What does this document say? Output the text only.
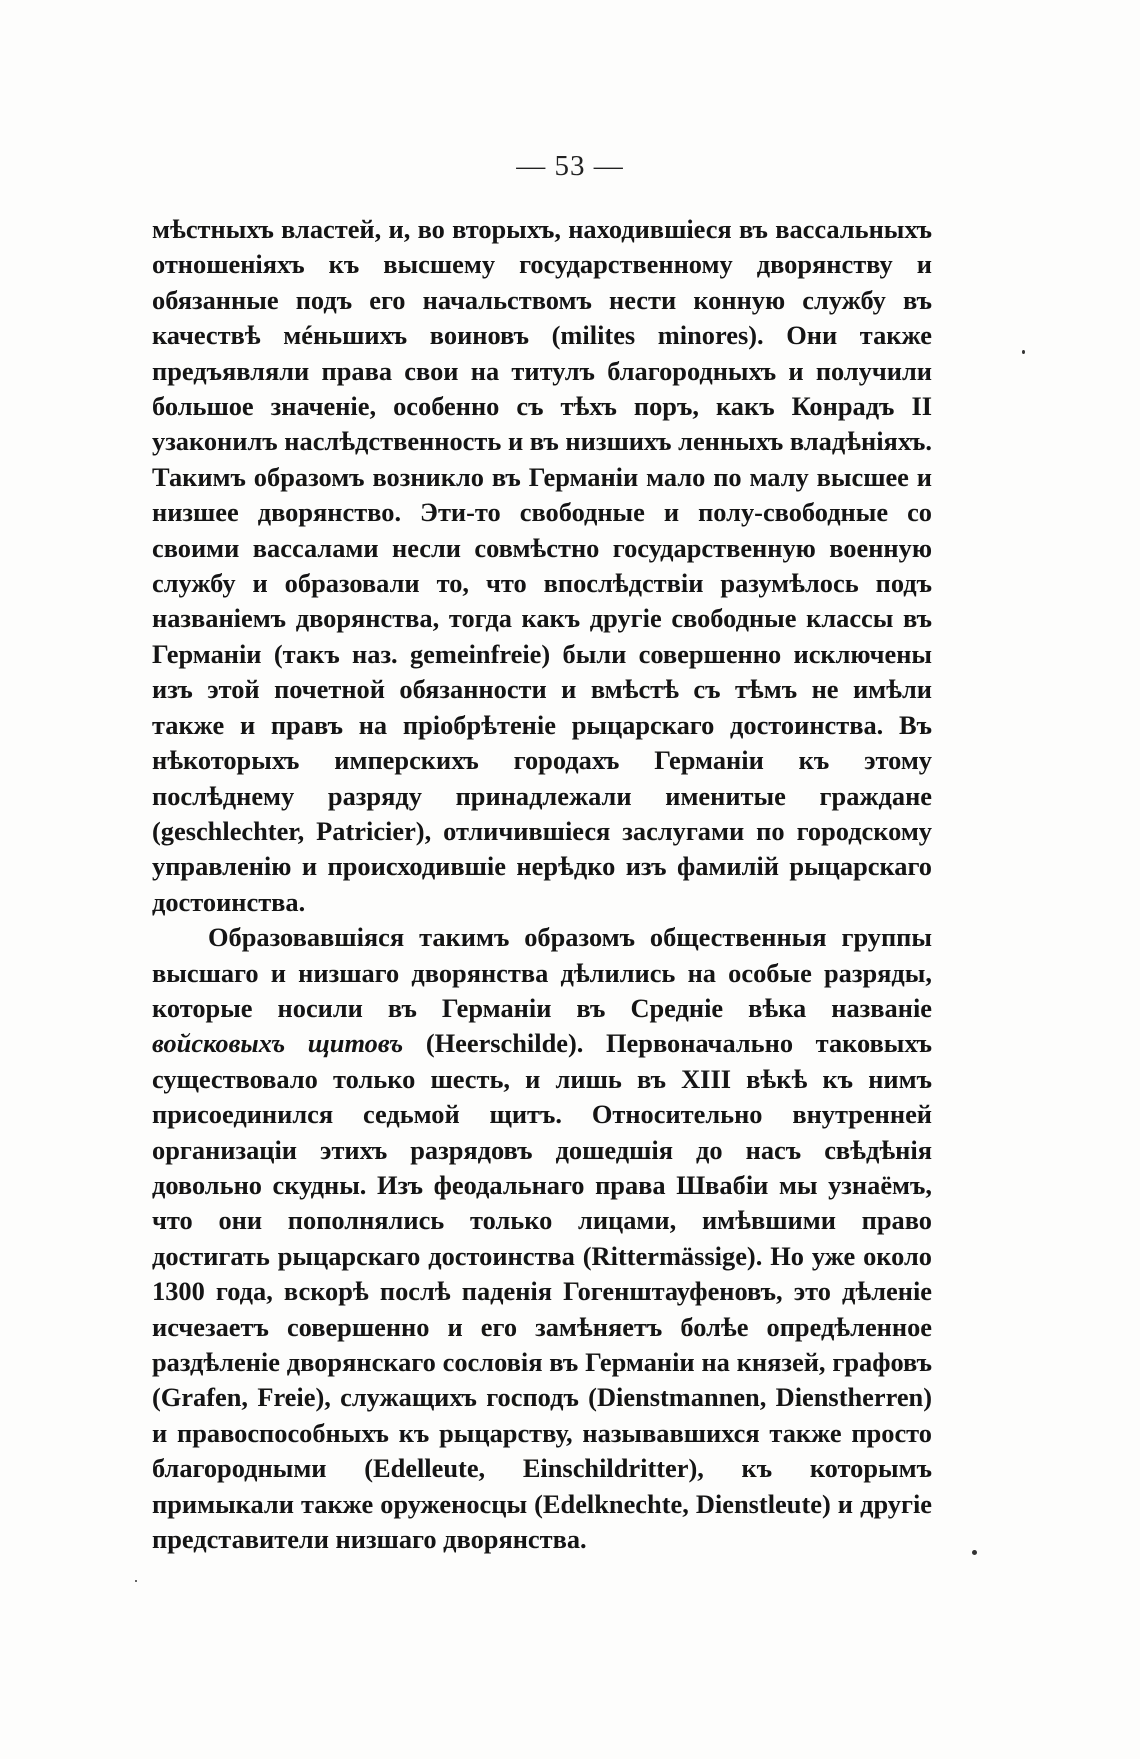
— 53 —

мѣстныхъ властей, и, во вторыхъ, находившіеся въ вассальныхъ отношеніяхъ къ высшему государственному дворянству и обязанные подъ его начальствомъ нести конную службу въ качествѣ мéньшихъ воиновъ (milites minores). Они также предъявляли права свои на титулъ благородныхъ и получили большое значеніе, особенно съ тѣхъ поръ, какъ Конрадъ II узаконилъ наслѣдственность и въ низшихъ ленныхъ владѣніяхъ. Такимъ образомъ возникло въ Германіи мало по малу высшее и низшее дворянство. Эти-то свободные и полу-свободные со своими вассалами несли совмѣстно государственную военную службу и образовали то, что впослѣдствіи разумѣлось подъ названіемъ дворянства, тогда какъ другіе свободные классы въ Германіи (такъ наз. gemeinfreie) были совершенно исключены изъ этой почетной обязанности и вмѣстѣ съ тѣмъ не имѣли также и правъ на пріобрѣтеніе рыцарскаго достоинства. Въ нѣкоторыхъ имперскихъ городахъ Германіи къ этому послѣднему разряду принадлежали именитые граждане (geschlechter, Patricier), отличившіеся заслугами по городскому управленію и происходившіе нерѣдко изъ фамилій рыцарскаго достоинства.

Образовавшіяся такимъ образомъ общественныя группы высшаго и низшаго дворянства дѣлились на особые разряды, которые носили въ Германіи въ Средніе вѣка названіе войсковыхъ щитовъ (Heerschilde). Первоначально таковыхъ существовало только шесть, и лишь въ XIII вѣкѣ къ нимъ присоединился седьмой щитъ. Относительно внутренней организаціи этихъ разрядовъ дошедшія до насъ свѣдѣнія довольно скудны. Изъ феодальнаго права Швабіи мы узнаёмъ, что они пополнялись только лицами, имѣвшими право достигать рыцарскаго достоинства (Rittermässige). Но уже около 1300 года, вскорѣ послѣ паденія Гогенштауфеновъ, это дѣленіе исчезаетъ совершенно и его замѣняетъ болѣе опредѣленное раздѣленіе дворянскаго сословія въ Германіи на князей, графовъ (Grafen, Freie), служащихъ господъ (Dienstmannen, Dienstherren) и правоспособныхъ къ рыцарству, называвшихся также просто благородными (Edelleute, Einschildritter), къ которымъ примыкали также оруженосцы (Edelknechte, Dienstleute) и другіе представители низшаго дворянства.
